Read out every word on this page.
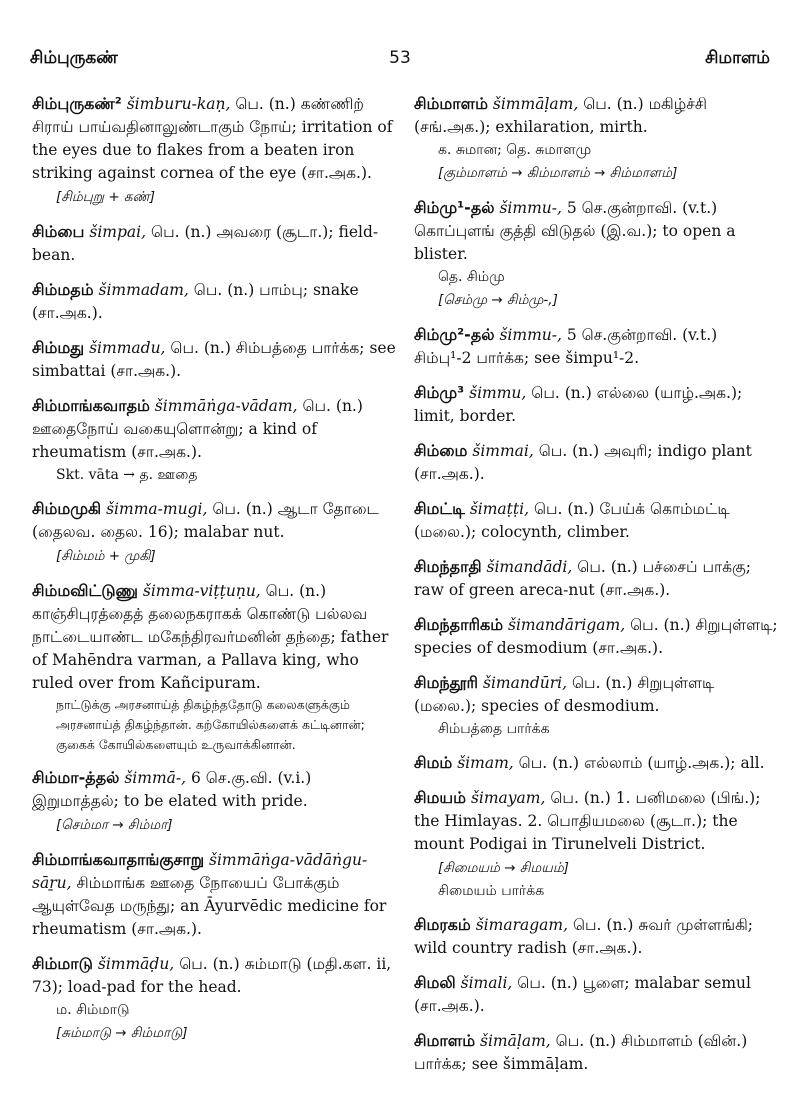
சிம்புருகண்	53	சிமாளம்
சிம்புருகண்² šimburu-kaṇ, பெ. (n.) கண்ணிற் சிராய் பாய்வதினாலுண்டாகும் நோய்; irritation of the eyes due to flakes from a beaten iron striking against cornea of the eye (சா.அக.).
[சிம்புறு + கண்]
சிம்பை šimpai, பெ. (n.) அவரை (சூடா.); field-bean.
சிம்மதம் šimmadam, பெ. (n.) பாம்பு; snake (சா.அக.).
சிம்மது šimmadu, பெ. (n.) சிம்பத்தை பார்க்க; see simbattai (சா.அக.).
சிம்மாங்கவாதம் šimmāṅga-vādam, பெ. (n.) ஊதைநோய் வகையுளொன்று; a kind of rheumatism (சா.அக.).
Skt. vāta → த. ஊதை
சிம்மமுகி šimma-mugi, பெ. (n.) ஆடா தோடை (தைலவ. தைல. 16); malabar nut.
[சிம்மம் + முகி]
சிம்மவிட்டுணு šimma-viṭṭuṇu, பெ. (n.) காஞ்சிபுரத்தைத் தலைநகராகக் கொண்டு பல்லவ நாட்டையாண்ட மகேந்திரவர்மனின் தந்தை; father of Mahēndra varman, a Pallava king, who ruled over from Kañcipuram.
நாட்டுக்கு அரசனாய்த் திகழ்ந்ததோடு கலைகளுக்கும் அரசனாய்த் திகழ்ந்தான். கற்கோயில்களைக் கட்டினான்; குகைக் கோயில்களையும் உருவாக்கினான்.
சிம்மா-த்தல் šimmā-, 6 செ.கு.வி. (v.i.) இறுமாத்தல்; to be elated with pride.
[செம்மா → சிம்மா]
சிம்மாங்கவாதாங்குசாறு šimmāṅga-vādāṅgu-sāṟu, சிம்மாங்க ஊதை நோயைப் போக்கும் ஆயுள்வேத மருந்து; an Āyurvēdic medicine for rheumatism (சா.அக.).
சிம்மாடு šimmāḍu, பெ. (n.) சும்மாடு (மதி.கள. ii, 73); load-pad for the head.
ம. சிம்மாடு
[சும்மாடு → சிம்மாடு]
சிம்மாளம் šimmāḷam, பெ. (n.) மகிழ்ச்சி (சங்.அக.); exhilaration, mirth.
க. சுமான; தெ. சுமாளமு
[கும்மாளம் → கிம்மாளம் → சிம்மாளம்]
சிம்மு¹-தல் šimmu-, 5 செ.குன்றாவி. (v.t.) கொப்புளங் குத்தி விடுதல் (இ.வ.); to open a blister.
தெ. சிம்மு
[செம்மு → சிம்மு-,]
சிம்மு²-தல் šimmu-, 5 செ.குன்றாவி. (v.t.) சிம்பு¹-2 பார்க்க; see šimpu¹-2.
சிம்மு³ šimmu, பெ. (n.) எல்லை (யாழ்.அக.); limit, border.
சிம்மை šimmai, பெ. (n.) அவுரி; indigo plant (சா.அக.).
சிமட்டி šimaṭṭi, பெ. (n.) பேய்க் கொம்மட்டி (மலை.); colocynth, climber.
சிமந்தாதி šimandādi, பெ. (n.) பச்சைப் பாக்கு; raw of green areca-nut (சா.அக.).
சிமந்தாரிகம் šimandārigam, பெ. (n.) சிறுபுள்ளடி; species of desmodium (சா.அக.).
சிமந்தூரி šimandūri, பெ. (n.) சிறுபுள்ளடி (மலை.); species of desmodium.
சிம்பத்தை பார்க்க
சிமம் šimam, பெ. (n.) எல்லாம் (யாழ்.அக.); all.
சிமயம் šimayam, பெ. (n.) 1. பனிமலை (பிங்.); the Himlayas. 2. பொதியமலை (சூடா.); the mount Podigai in Tirunelveli District.
[சிமையம் → சிமயம்]
சிமையம் பார்க்க
சிமரகம் šimaragam, பெ. (n.) சுவர் முள்ளங்கி; wild country radish (சா.அக.).
சிமலி šimali, பெ. (n.) பூளை; malabar semul (சா.அக.).
சிமாளம் šimāḷam, பெ. (n.) சிம்மாளம் (வின்.) பார்க்க; see šimmāḷam.
